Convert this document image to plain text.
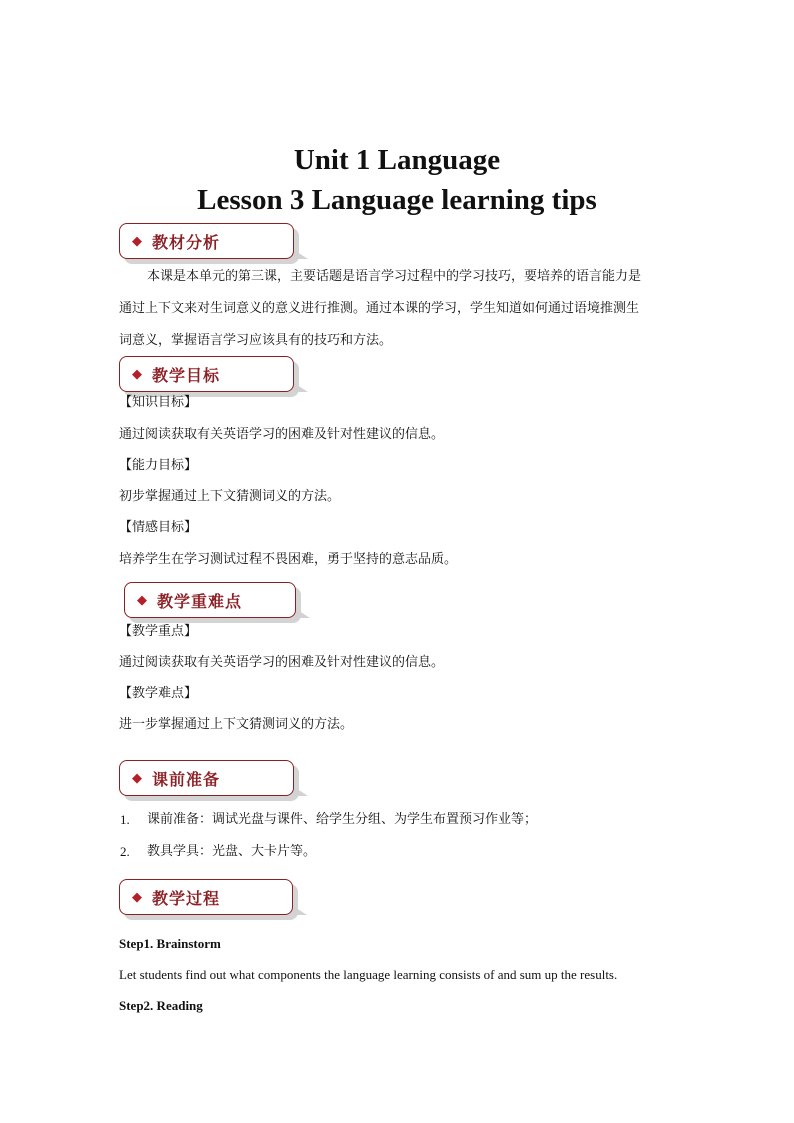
Unit 1 Language
Lesson 3 Language learning tips
◆ 教材分析
本课是本单元的第三课，主要话题是语言学习过程中的学习技巧，要培养的语言能力是
通过上下文来对生词意义的意义进行推测。通过本课的学习，学生知道如何通过语境推测生
词意义，掌握语言学习应该具有的技巧和方法。
◆ 教学目标
【知识目标】
通过阅读获取有关英语学习的困难及针对性建议的信息。
【能力目标】
初步掌握通过上下文猜测词义的方法。
【情感目标】
培养学生在学习测试过程不畏困难，勇于坚持的意志品质。
◆ 教学重难点
【教学重点】
通过阅读获取有关英语学习的困难及针对性建议的信息。
【教学难点】
进一步掌握通过上下文猜测词义的方法。
◆ 课前准备
1. 课前准备：调试光盘与课件、给学生分组、为学生布置预习作业等；
2. 教具学具：光盘、大卡片等。
◆ 教学过程
Step1. Brainstorm
Let students find out what components the language learning consists of and sum up the results.
Step2. Reading
